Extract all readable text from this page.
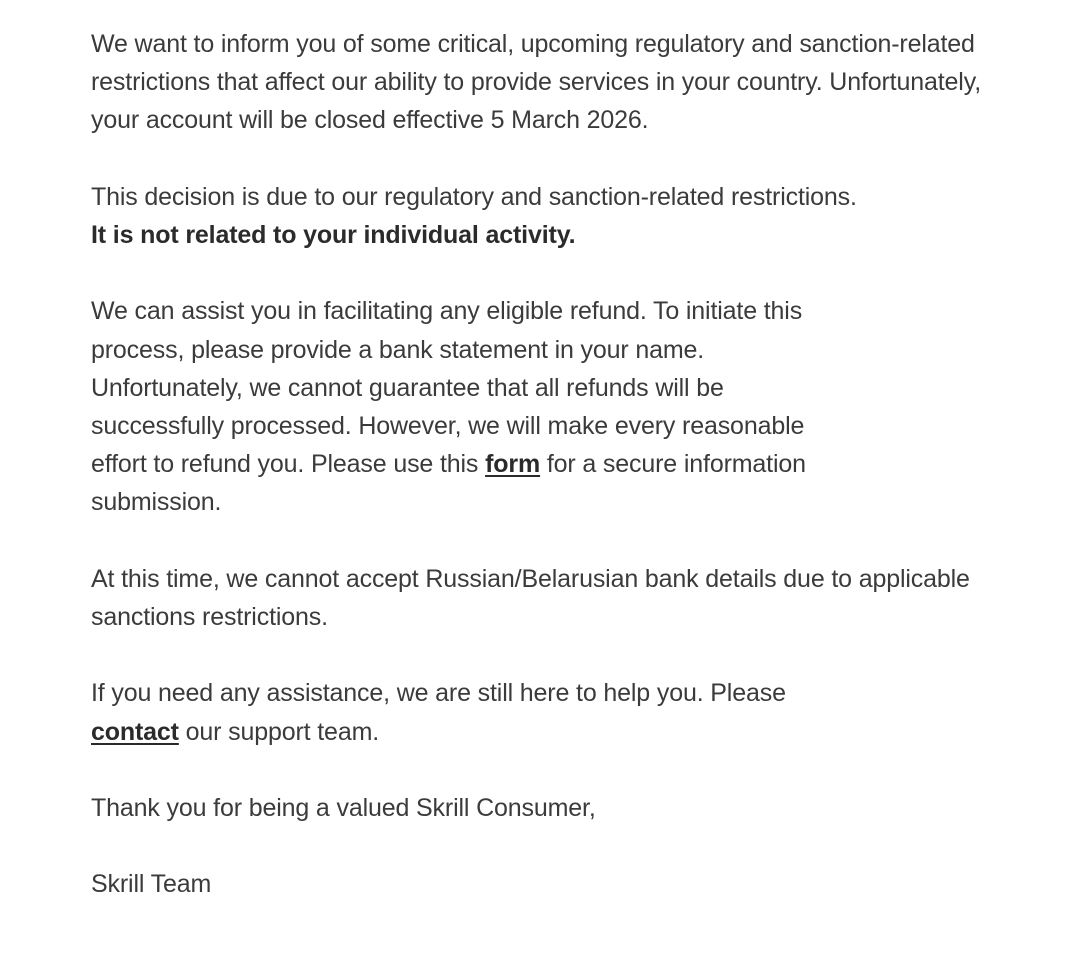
We want to inform you of some critical, upcoming regulatory and sanction-related restrictions that affect our ability to provide services in your country. Unfortunately, your account will be closed effective 5 March 2026.

This decision is due to our regulatory and sanction-related restrictions.
It is not related to your individual activity.

We can assist you in facilitating any eligible refund. To initiate this
process, please provide a bank statement in your name.
Unfortunately, we cannot guarantee that all refunds will be
successfully processed. However, we will make every reasonable
effort to refund you. Please use this form for a secure information
submission.

At this time, we cannot accept Russian/Belarusian bank details due to applicable sanctions restrictions.

If you need any assistance, we are still here to help you. Please
contact our support team.

Thank you for being a valued Skrill Consumer,

Skrill Team
